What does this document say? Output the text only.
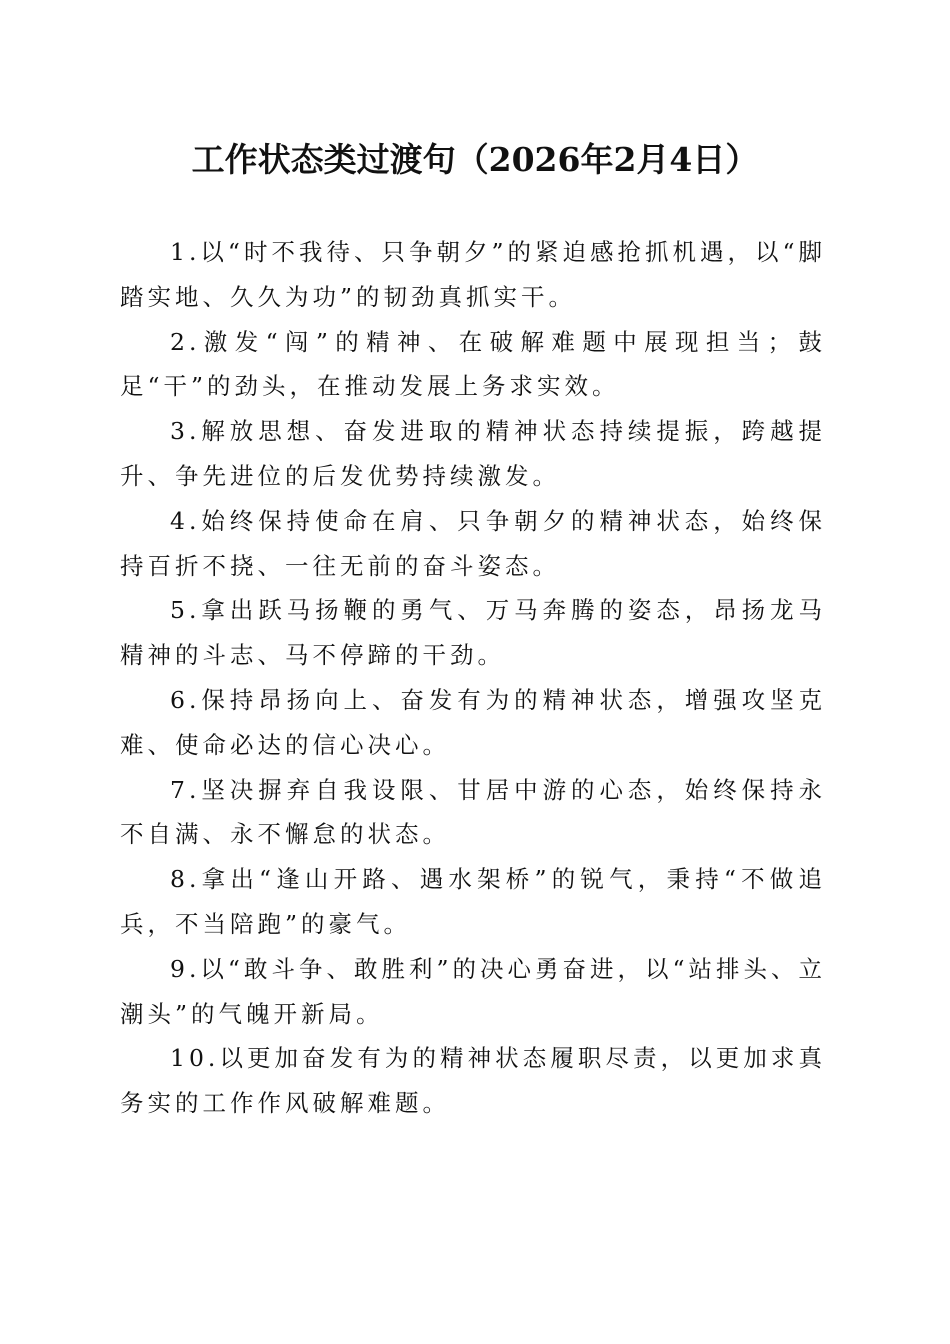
工作状态类过渡句（2026年2月4日）

1.以“时不我待、只争朝夕”的紧迫感抢抓机遇，以“脚踏实地、久久为功”的韧劲真抓实干。

2.激发“闯”的精神、在破解难题中展现担当；鼓足“干”的劲头，在推动发展上务求实效。

3.解放思想、奋发进取的精神状态持续提振，跨越提升、争先进位的后发优势持续激发。

4.始终保持使命在肩、只争朝夕的精神状态，始终保持百折不挠、一往无前的奋斗姿态。

5.拿出跃马扬鞭的勇气、万马奔腾的姿态，昂扬龙马精神的斗志、马不停蹄的干劲。

6.保持昂扬向上、奋发有为的精神状态，增强攻坚克难、使命必达的信心决心。

7.坚决摒弃自我设限、甘居中游的心态，始终保持永不自满、永不懈怠的状态。

8.拿出“逢山开路、遇水架桥”的锐气，秉持“不做追兵，不当陪跑”的豪气。

9.以“敢斗争、敢胜利”的决心勇奋进，以“站排头、立潮头”的气魄开新局。

10.以更加奋发有为的精神状态履职尽责，以更加求真务实的工作作风破解难题。
